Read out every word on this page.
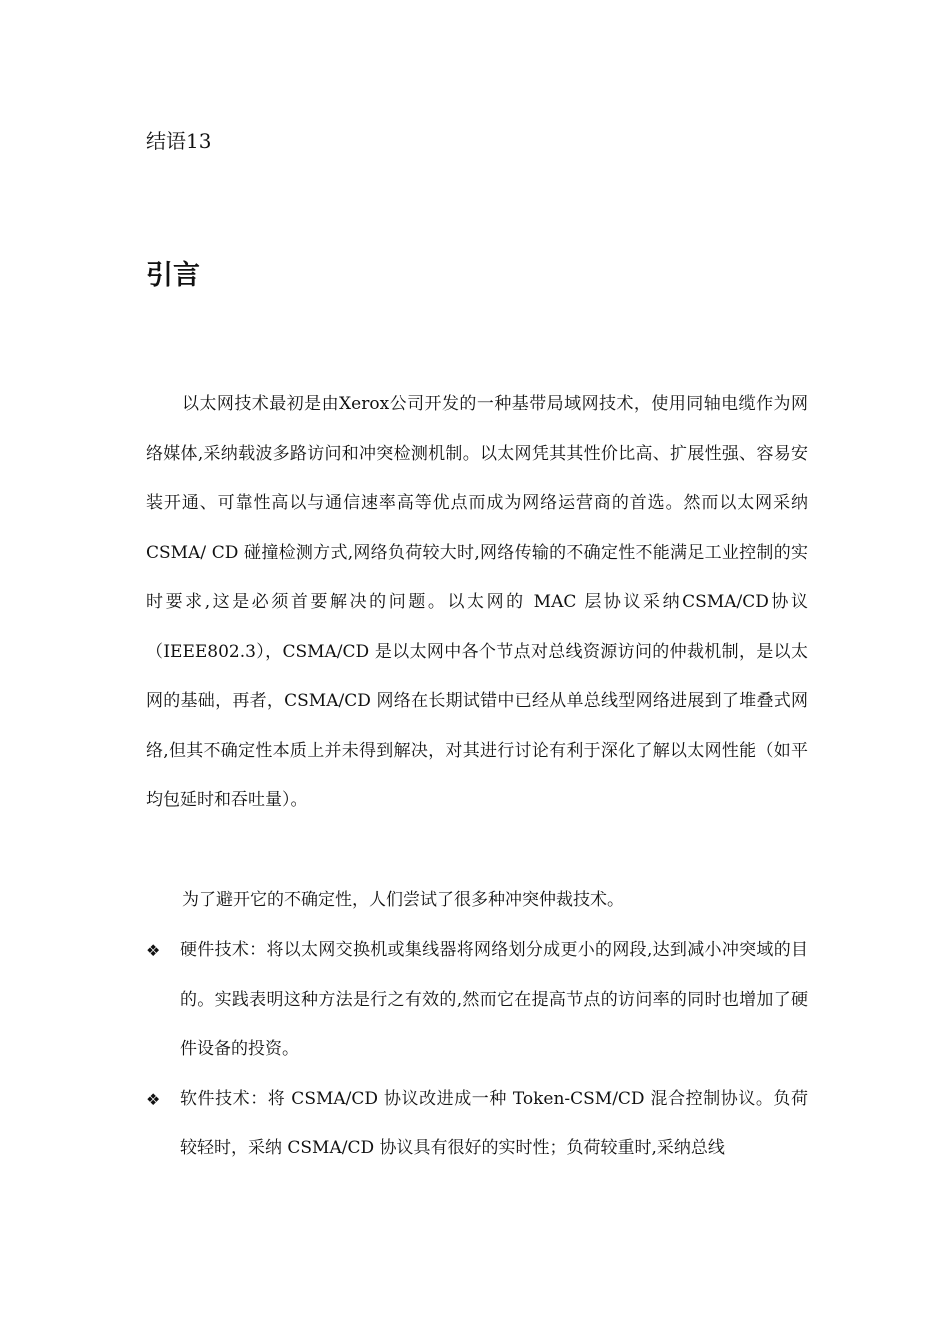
结语13
引言

以太网技术最初是由Xerox公司开发的一种基带局域网技术，使用同轴电缆作为网络媒体,采纳载波多路访问和冲突检测机制。以太网凭其其性价比高、扩展性强、容易安装开通、可靠性高以与通信速率高等优点而成为网络运营商的首选。然而以太网采纳CSMA/ CD 碰撞检测方式,网络负荷较大时,网络传输的不确定性不能满足工业控制的实时要求,这是必须首要解决的问题。以太网的 MAC 层协议采纳CSMA/CD协议（IEEE802.3），CSMA/CD 是以太网中各个节点对总线资源访问的仲裁机制，是以太网的基础，再者，CSMA/CD 网络在长期试错中已经从单总线型网络进展到了堆叠式网络,但其不确定性本质上并未得到解决，对其进行讨论有利于深化了解以太网性能（如平均包延时和吞吐量）。

为了避开它的不确定性，人们尝试了很多种冲突仲裁技术。

❖	硬件技术：将以太网交换机或集线器将网络划分成更小的网段,达到减小冲突域的目的。实践表明这种方法是行之有效的,然而它在提高节点的访问率的同时也增加了硬件设备的投资。
❖	软件技术：将 CSMA/CD 协议改进成一种 Token-CSM/CD 混合控制协议。负荷较轻时，采纳 CSMA/CD 协议具有很好的实时性；负荷较重时,采纳总线
